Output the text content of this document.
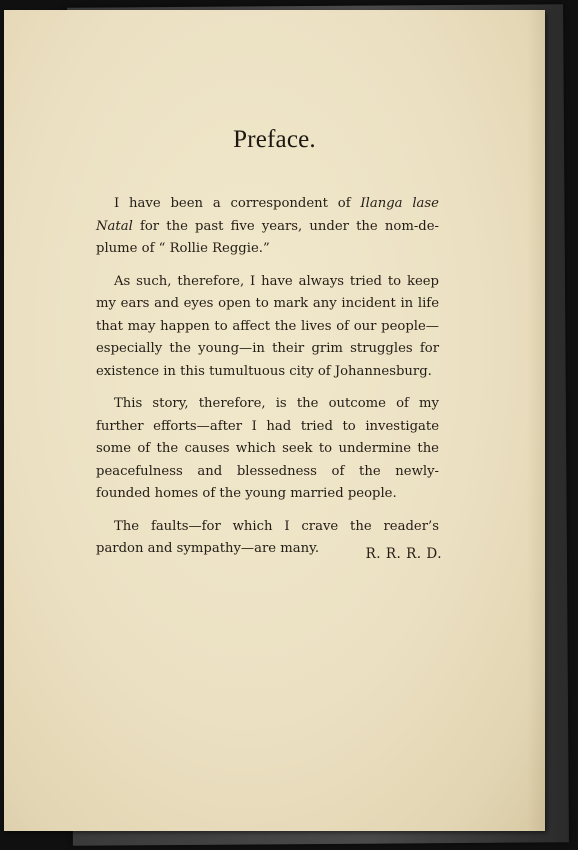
Preface.

I have been a correspondent of Ilanga lase Natal for the past five years, under the nom-de-plume of “ Rollie Reggie.”

As such, therefore, I have always tried to keep my ears and eyes open to mark any incident in life that may happen to affect the lives of our people—especially the young—in their grim struggles for existence in this tumultuous city of Johannesburg.

This story, therefore, is the outcome of my further efforts—after I had tried to investigate some of the causes which seek to undermine the peacefulness and blessedness of the newly-founded homes of the young married people.

The faults—for which I crave the reader’s pardon and sympathy—are many.	R. R. R. D.
